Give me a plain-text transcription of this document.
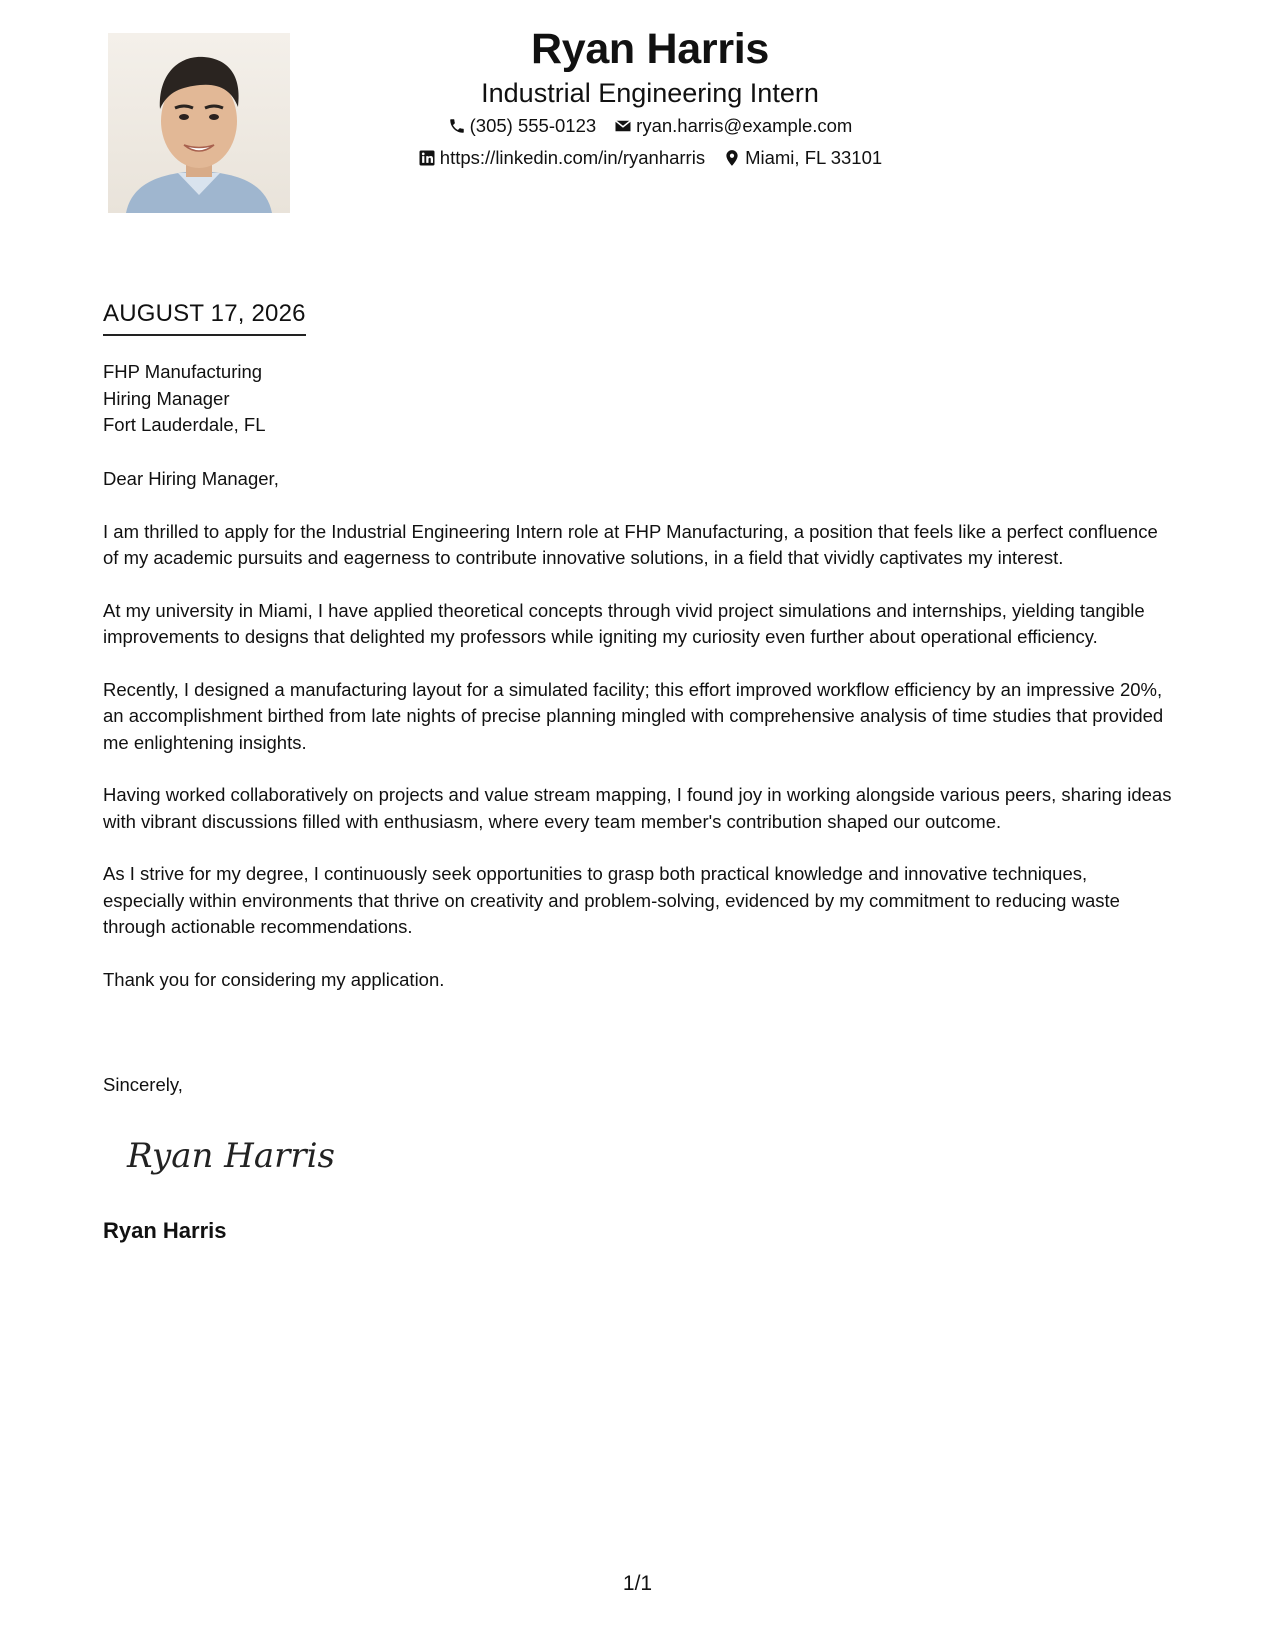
Ryan Harris
Industrial Engineering Intern
(305) 555-0123 ryan.harris@example.com
https://linkedin.com/in/ryanharris Miami, FL 33101
AUGUST 17, 2026
FHP Manufacturing
Hiring Manager
Fort Lauderdale, FL

Dear Hiring Manager,

I am thrilled to apply for the Industrial Engineering Intern role at FHP Manufacturing, a position that feels like a perfect confluence of my academic pursuits and eagerness to contribute innovative solutions, in a field that vividly captivates my interest.

At my university in Miami, I have applied theoretical concepts through vivid project simulations and internships, yielding tangible improvements to designs that delighted my professors while igniting my curiosity even further about operational efficiency.

Recently, I designed a manufacturing layout for a simulated facility; this effort improved workflow efficiency by an impressive 20%, an accomplishment birthed from late nights of precise planning mingled with comprehensive analysis of time studies that provided me enlightening insights.

Having worked collaboratively on projects and value stream mapping, I found joy in working alongside various peers, sharing ideas with vibrant discussions filled with enthusiasm, where every team member's contribution shaped our outcome.

As I strive for my degree, I continuously seek opportunities to grasp both practical knowledge and innovative techniques, especially within environments that thrive on creativity and problem-solving, evidenced by my commitment to reducing waste through actionable recommendations.

Thank you for considering my application.

Sincerely,
Ryan Harris
Ryan Harris
1/1
